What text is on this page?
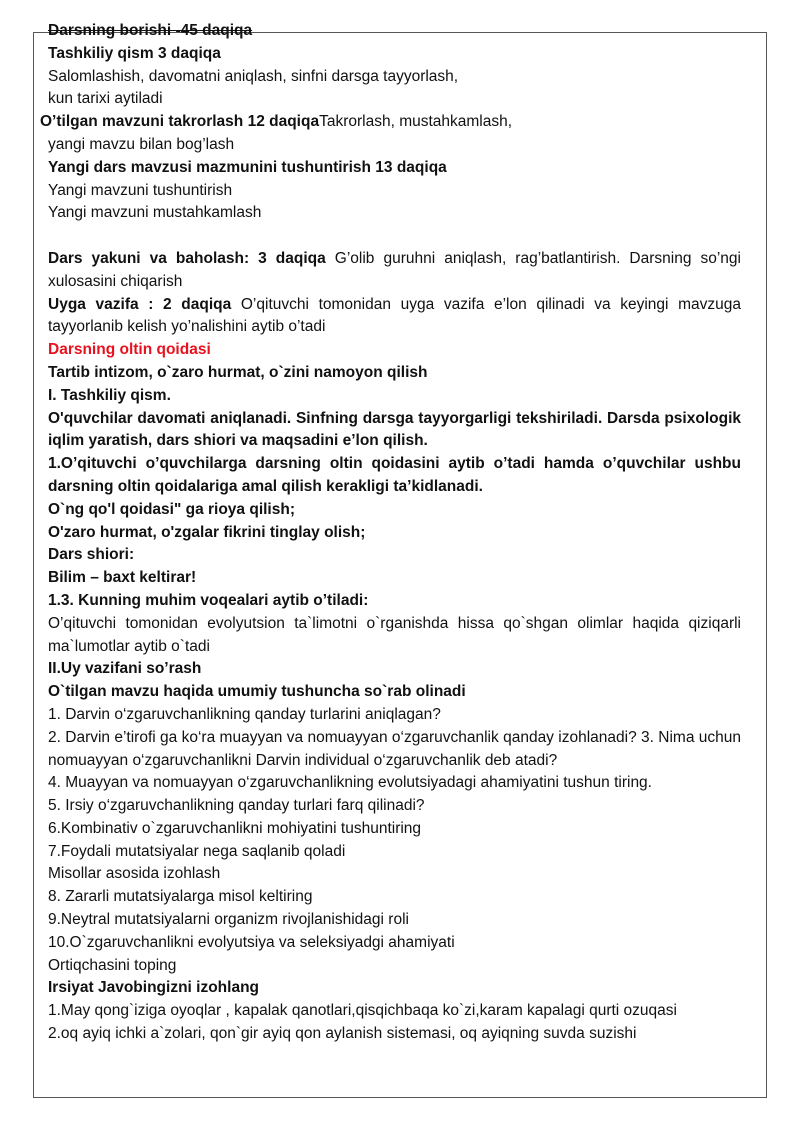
Darsning borishi -45 daqiqa

Tashkiliy qism 3 daqiqa

Salomlashish, davomatni aniqlash, sinfni darsga tayyorlash,

kun tarixi aytiladi

O’tilgan mavzuni takrorlash 12 daqiqaTakrorlash, mustahkamlash,

yangi mavzu bilan bog’lash

Yangi dars mavzusi mazmunini tushuntirish 13 daqiqa

Yangi mavzuni tushuntirish

Yangi mavzuni mustahkamlash

Dars yakuni va baholash: 3 daqiqa G’olib guruhni aniqlash, rag’batlantirish. Darsning so’ngi xulosasini chiqarish

Uyga vazifa : 2 daqiqa O’qituvchi tomonidan uyga vazifa e’lon qilinadi va keyingi mavzuga tayyorlanib kelish yo’nalishini aytib o’tadi

Darsning oltin qoidasi

Tartib intizom, o`zaro hurmat, o`zini namoyon qilish

I. Tashkiliy qism.

O'quvchilar davomati aniqlanadi. Sinfning darsga tayyorgarligi tekshiriladi. Darsda psixologik iqlim yaratish, dars shiori va maqsadini e’lon qilish.

1.O’qituvchi o’quvchilarga darsning oltin qoidasini aytib o’tadi hamda o’quvchilar ushbu darsning oltin qoidalariga amal qilish kerakligi ta’kidlanadi.

O`ng qo'l qoidasi" ga rioya qilish;

O'zaro hurmat, o'zgalar fikrini tinglay olish;

Dars shiori:

Bilim – baxt keltirar!

1.3. Kunning muhim voqealari aytib o’tiladi:

O’qituvchi tomonidan evolyutsion ta`limotni o`rganishda hissa qo`shgan olimlar haqida qiziqarli ma`lumotlar aytib o`tadi

II.Uy vazifani so’rash

O`tilgan mavzu haqida umumiy tushuncha so`rab olinadi

1. Darvin o‘zgaruvchanlikning qanday turlarini aniqlagan?

2. Darvin e’tirofi ga ko‘ra muayyan va nomuayyan o‘zgaruvchanlik qanday izohlanadi? 3. Nima uchun nomuayyan o‘zgaruvchanlikni Darvin individual o‘zgaruvchanlik deb atadi?

4. Muayyan va nomuayyan o‘zgaruvchanlikning evolutsiyadagi ahamiyatini tushun tiring.

5. Irsiy o‘zgaruvchanlikning qanday turlari farq qilinadi?

6.Kombinativ o`zgaruvchanlikni mohiyatini tushuntiring

7.Foydali mutatsiyalar nega saqlanib qoladi

Misollar asosida izohlash

8. Zararli mutatsiyalarga misol keltiring

9.Neytral mutatsiyalarni organizm rivojlanishidagi roli

10.O`zgaruvchanlikni evolyutsiya va seleksiyadgi ahamiyati

Ortiqchasini toping

Irsiyat Javobingizni izohlang

1.May qong`iziga oyoqlar , kapalak qanotlari,qisqichbaqa ko`zi,karam kapalagi qurti ozuqasi

2.oq ayiq ichki a`zolari, qon`gir ayiq qon aylanish sistemasi, oq ayiqning suvda suzishi
